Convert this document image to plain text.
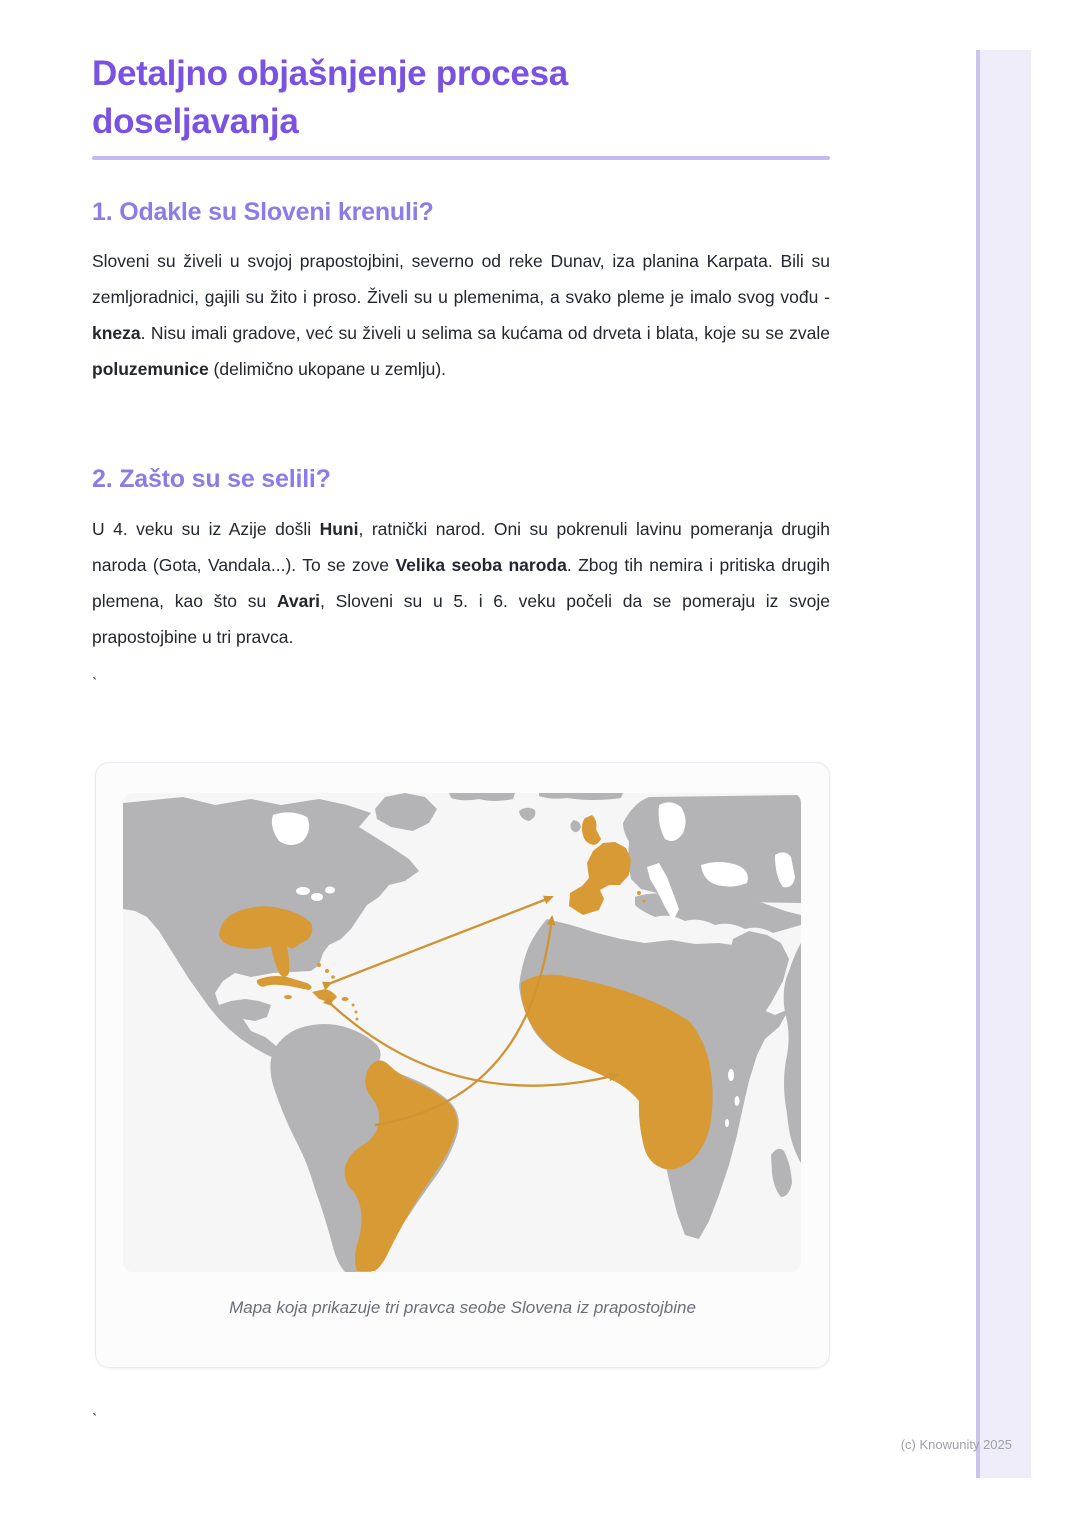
Detaljno objašnjenje procesa doseljavanja
1. Odakle su Sloveni krenuli?

Sloveni su živeli u svojoj prapostojbini, severno od reke Dunav, iza planina Karpata. Bili su zemljoradnici, gajili su žito i proso. Živeli su u plemenima, a svako pleme je imalo svog vođu - kneza. Nisu imali gradove, već su živeli u selima sa kućama od drveta i blata, koje su se zvale poluzemunice (delimično ukopane u zemlju).

2. Zašto su se selili?

U 4. veku su iz Azije došli Huni, ratnički narod. Oni su pokrenuli lavinu pomeranja drugih naroda (Gota, Vandala...). To se zove Velika seoba naroda. Zbog tih nemira i pritiska drugih plemena, kao što su Avari, Sloveni su u 5. i 6. veku počeli da se pomeraju iz svoje prapostojbine u tri pravca.

`
Mapa koja prikazuje tri pravca seobe Slovena iz prapostojbine
`
(c) Knowunity 2025
